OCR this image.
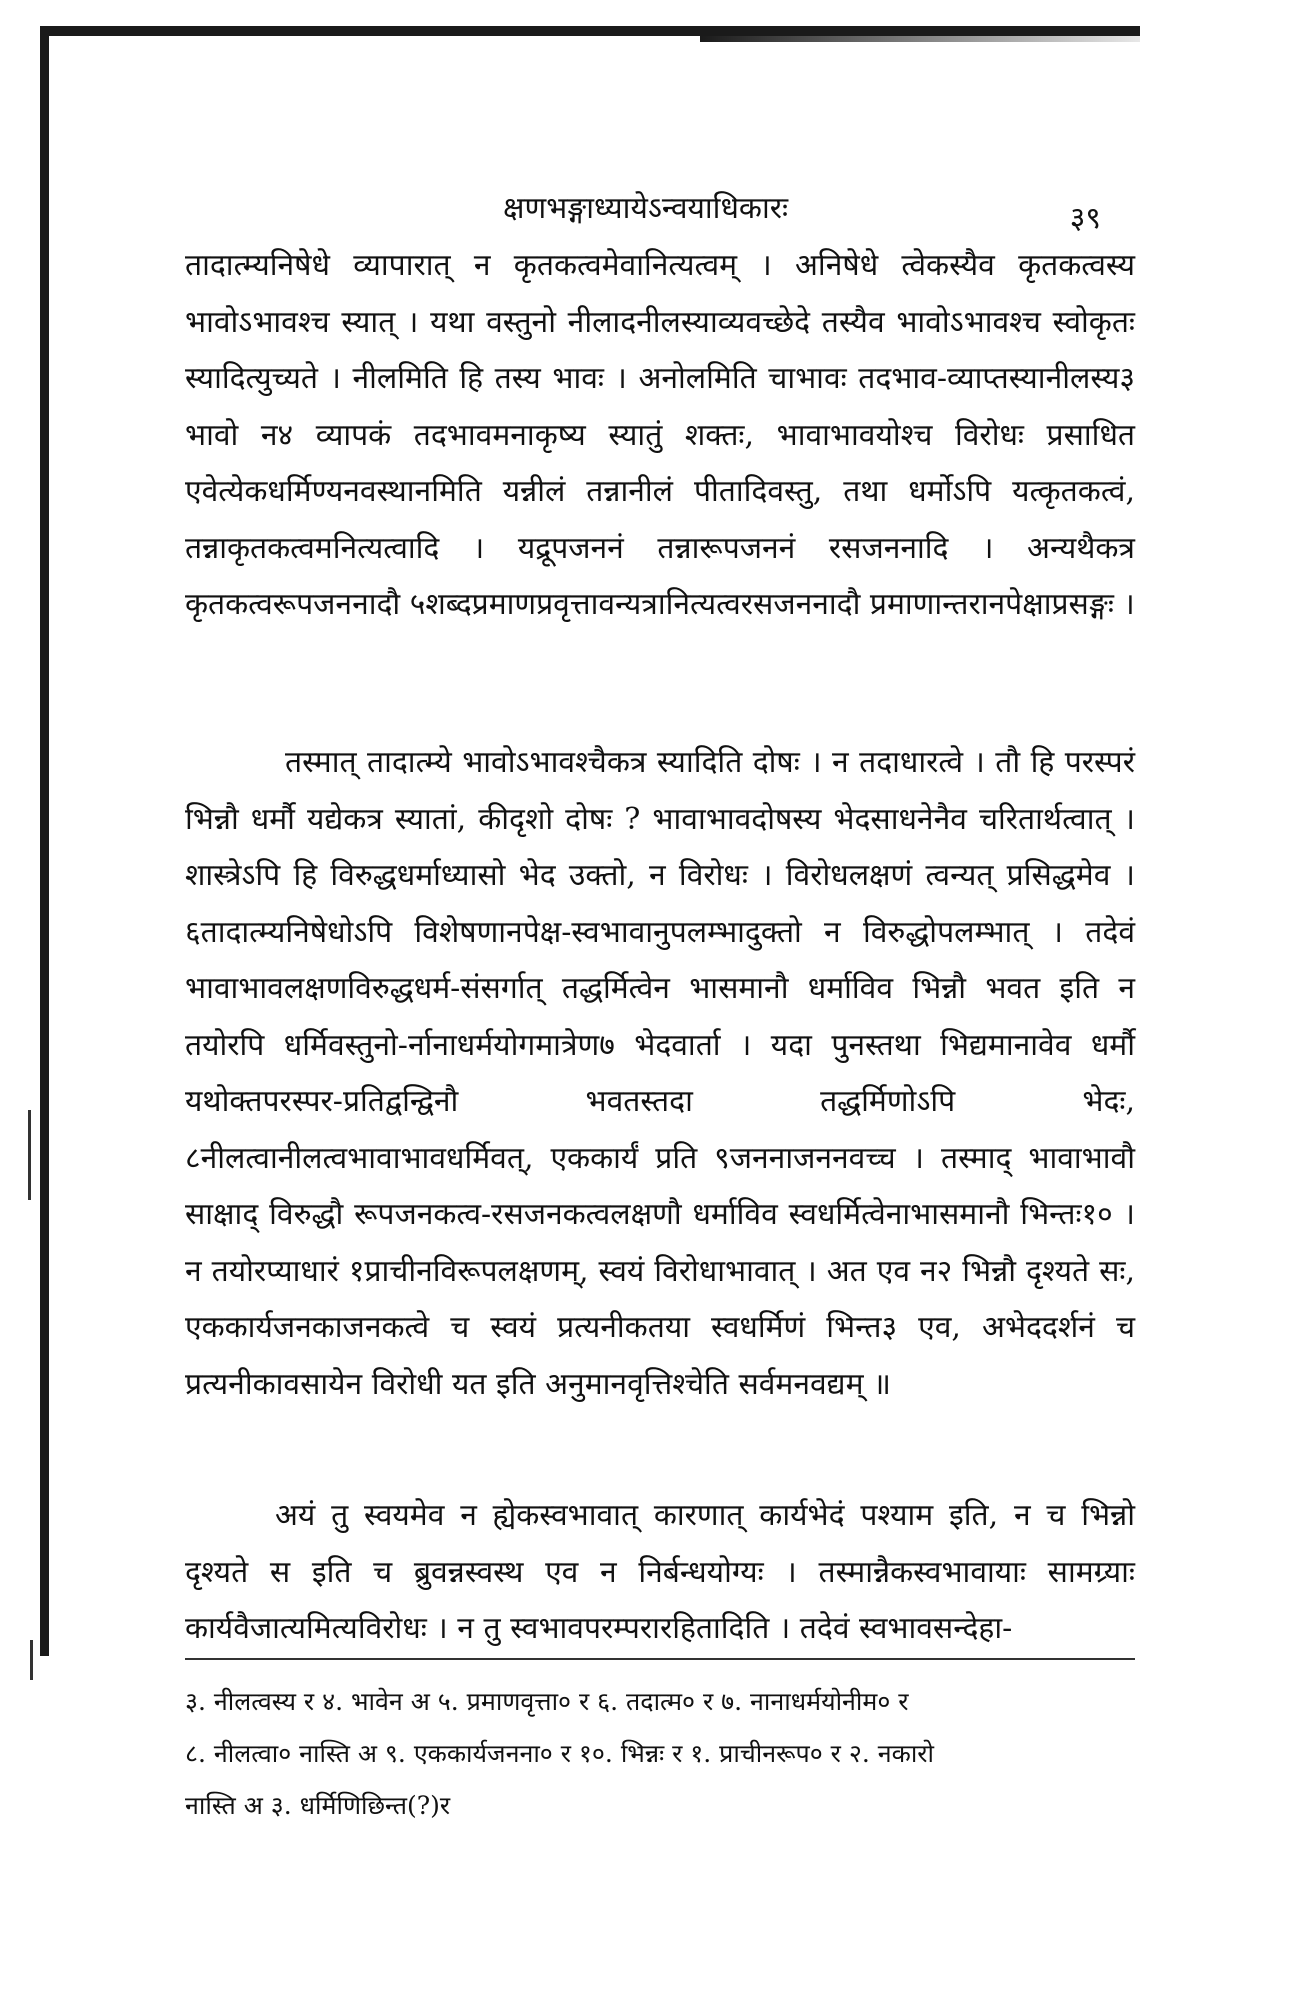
क्षणभङ्गाध्यायेऽन्वयाधिकारः	३९
तादात्म्यनिषेधे व्यापारात् न कृतकत्वमेवानित्यत्वम् । अनिषेधे त्वेकस्यैव कृतकत्वस्य भावोऽभावश्च स्यात् । यथा वस्तुनो नीलादनीलस्याव्यवच्छेदे तस्यैव भावोऽभावश्च स्वोकृतः स्यादित्युच्यते । नीलमिति हि तस्य भावः । अनोलमिति चाभावः तदभाव-व्याप्तस्यानीलस्य३ भावो न४ व्यापकं तदभावमनाकृष्य स्यातुं शक्तः, भावाभावयोश्च विरोधः प्रसाधित एवेत्येकधर्मिण्यनवस्थानमिति यन्नीलं तन्नानीलं पीतादिवस्तु, तथा धर्मोऽपि यत्कृतकत्वं, तन्नाकृतकत्वमनित्यत्वादि । यद्रूपजननं तन्नारूपजननं रसजननादि । अन्यथैकत्र कृतकत्वरूपजननादौ ५शब्दप्रमाणप्रवृत्तावन्यत्रानित्यत्वरसजननादौ प्रमाणान्तरानपेक्षाप्रसङ्गः ।
तस्मात् तादात्म्ये भावोऽभावश्चैकत्र स्यादिति दोषः । न तदाधारत्वे । तौ हि परस्परं भिन्नौ धर्मौ यद्येकत्र स्यातां, कीदृशो दोषः ? भावाभावदोषस्य भेदसाधनेनैव चरितार्थत्वात् । शास्त्रेऽपि हि विरुद्धधर्माध्यासो भेद उक्तो, न विरोधः । विरोधलक्षणं त्वन्यत् प्रसिद्धमेव । ६तादात्म्यनिषेधोऽपि विशेषणानपेक्ष-स्वभावानुपलम्भादुक्तो न विरुद्धोपलम्भात् । तदेवं भावाभावलक्षणविरुद्धधर्म-संसर्गात् तद्धर्मित्वेन भासमानौ धर्माविव भिन्नौ भवत इति न तयोरपि धर्मिवस्तुनो-र्नानाधर्मयोगमात्रेण७ भेदवार्ता । यदा पुनस्तथा भिद्यमानावेव धर्मौ यथोक्तपरस्पर-प्रतिद्वन्द्विनौ भवतस्तदा तद्धर्मिणोऽपि भेदः, ८नीलत्वानीलत्वभावाभावधर्मिवत्, एककार्यं प्रति ९जननाजननवच्च । तस्माद् भावाभावौ साक्षाद् विरुद्धौ रूपजनकत्व-रसजनकत्वलक्षणौ धर्माविव स्वधर्मित्वेनाभासमानौ भिन्तः१० । न तयोरप्याधारं १प्राचीनविरूपलक्षणम्, स्वयं विरोधाभावात् । अत एव न२ भिन्नौ दृश्यते सः, एककार्यजनकाजनकत्वे च स्वयं प्रत्यनीकतया स्वधर्मिणं भिन्त३ एव, अभेददर्शनं च प्रत्यनीकावसायेन विरोधी यत इति अनुमानवृत्तिश्चेति सर्वमनवद्यम् ॥
अयं तु स्वयमेव न ह्येकस्वभावात् कारणात् कार्यभेदं पश्याम इति, न च भिन्नो दृश्यते स इति च ब्रुवन्नस्वस्थ एव न निर्बन्धयोग्यः । तस्मान्नैकस्वभावायाः सामग्र्याः कार्यवैजात्यमित्यविरोधः । न तु स्वभावपरम्परारहितादिति । तदेवं स्वभावसन्देहा-
३. नीलत्वस्य र ४. भावेन अ ५. प्रमाणवृत्ता० र ६. तदात्म० र ७. नानाधर्मयोनीम० र
८. नीलत्वा० नास्ति अ ९. एककार्यजनना० र १०. भिन्नः र १. प्राचीनरूप० र २. नकारो
नास्ति अ ३. धर्मिणिछिन्त(?)र
